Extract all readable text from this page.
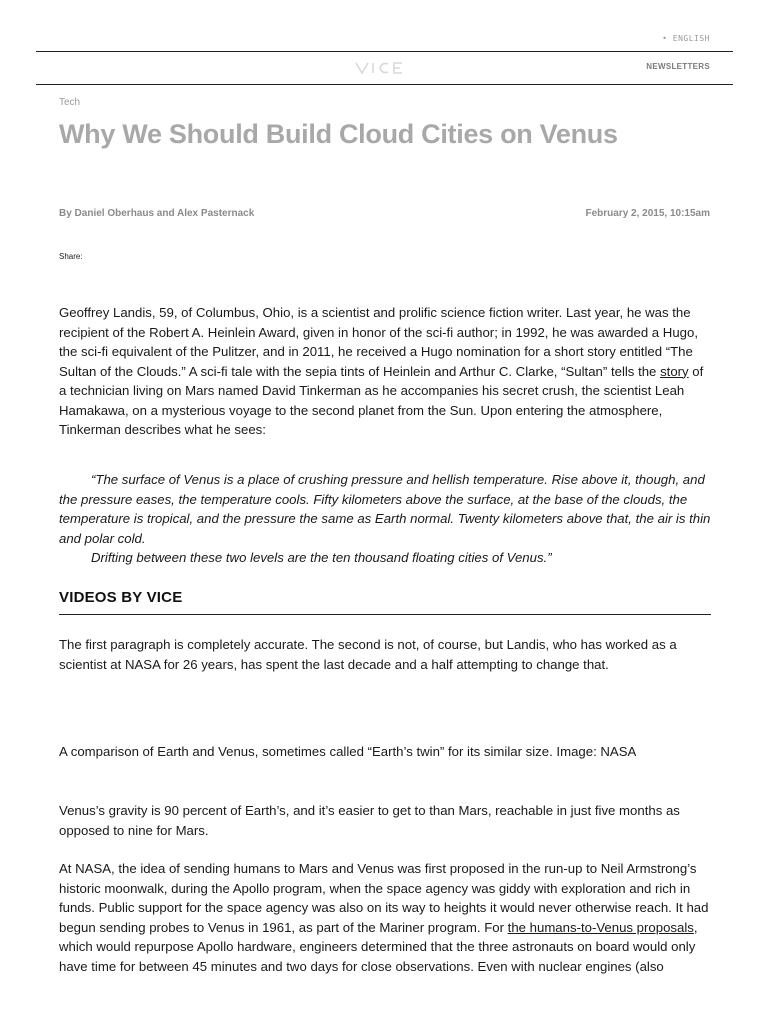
• ENGLISH
NEWSLETTERS
Tech
Why We Should Build Cloud Cities on Venus
By Daniel Oberhaus and Alex Pasternack	February 2, 2015, 10:15am
Share:

Geoffrey Landis, 59, of Columbus, Ohio, is a scientist and prolific science fiction writer. Last year, he was the recipient of the Robert A. Heinlein Award, given in honor of the sci-fi author; in 1992, he was awarded a Hugo, the sci-fi equivalent of the Pulitzer, and in 2011, he received a Hugo nomination for a short story entitled “The Sultan of the Clouds.” A sci-fi tale with the sepia tints of Heinlein and Arthur C. Clarke, “Sultan” tells the story of a technician living on Mars named David Tinkerman as he accompanies his secret crush, the scientist Leah Hamakawa, on a mysterious voyage to the second planet from the Sun. Upon entering the atmosphere, Tinkerman describes what he sees:

“The surface of Venus is a place of crushing pressure and hellish temperature. Rise above it, though, and the pressure eases, the temperature cools. Fifty kilometers above the surface, at the base of the clouds, the temperature is tropical, and the pressure the same as Earth normal. Twenty kilometers above that, the air is thin and polar cold.
Drifting between these two levels are the ten thousand floating cities of Venus.”
VIDEOS BY VICE

The first paragraph is completely accurate. The second is not, of course, but Landis, who has worked as a scientist at NASA for 26 years, has spent the last decade and a half attempting to change that.

A comparison of Earth and Venus, sometimes called “Earth’s twin” for its similar size. Image: NASA

Venus’s gravity is 90 percent of Earth’s, and it’s easier to get to than Mars, reachable in just five months as opposed to nine for Mars.

At NASA, the idea of sending humans to Mars and Venus was first proposed in the run-up to Neil Armstrong’s historic moonwalk, during the Apollo program, when the space agency was giddy with exploration and rich in funds. Public support for the space agency was also on its way to heights it would never otherwise reach. It had begun sending probes to Venus in 1961, as part of the Mariner program. For the humans-to-Venus proposals, which would repurpose Apollo hardware, engineers determined that the three astronauts on board would only have time for between 45 minutes and two days for close observations. Even with nuclear engines (also
